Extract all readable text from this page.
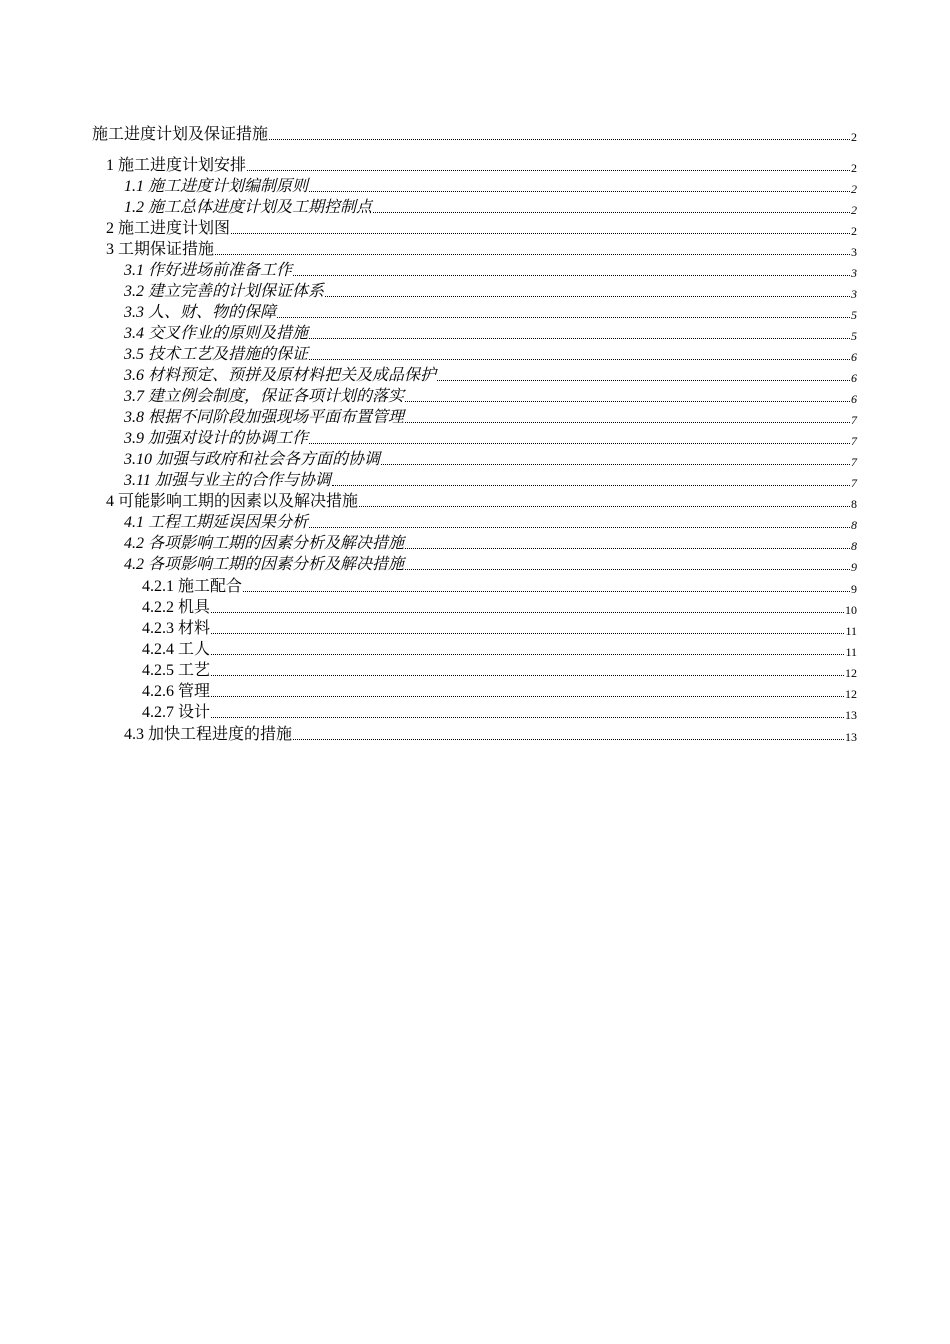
施工进度计划及保证措施	2
1 施工进度计划安排	2
1.1 施工进度计划编制原则	2
1.2 施工总体进度计划及工期控制点	2
2 施工进度计划图	2
3 工期保证措施	3
3.1 作好进场前准备工作	3
3.2 建立完善的计划保证体系	3
3.3 人、财、物的保障	5
3.4 交叉作业的原则及措施	5
3.5 技术工艺及措施的保证	6
3.6 材料预定、预拼及原材料把关及成品保护	6
3.7 建立例会制度，保证各项计划的落实	6
3.8 根据不同阶段加强现场平面布置管理	7
3.9 加强对设计的协调工作	7
3.10 加强与政府和社会各方面的协调	7
3.11 加强与业主的合作与协调	7
4 可能影响工期的因素以及解决措施	8
4.1 工程工期延误因果分析	8
4.2 各项影响工期的因素分析及解决措施	8
4.2 各项影响工期的因素分析及解决措施	9
4.2.1 施工配合	9
4.2.2 机具	10
4.2.3 材料	11
4.2.4 工人	11
4.2.5 工艺	12
4.2.6 管理	12
4.2.7 设计	13
4.3 加快工程进度的措施	13
